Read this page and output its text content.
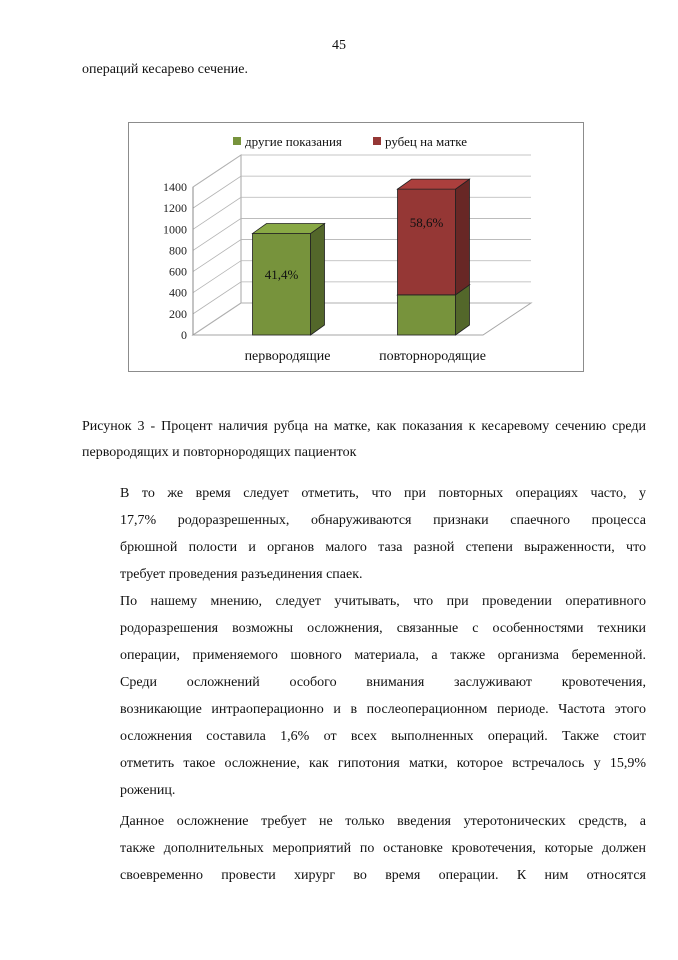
45
операций кесарево сечение.
0
200
400
600
800
1000
1200
1400
41,4%
первородящие
58,6%
повторнородящие
другие показания	рубец на матке
Рисунок 3 - Процент наличия рубца на матке, как показания к кесаревому сечению среди первородящих и повторнородящих пациенток
В то же время следует отметить, что при повторных операциях часто, у
17,7% родоразрешенных, обнаруживаются признаки спаечного процесса
брюшной полости и органов малого таза разной степени выраженности, что
требует проведения разъединения спаек.
По нашему мнению, следует учитывать, что при проведении оперативного
родоразрешения возможны осложнения, связанные с особенностями техники
операции, применяемого шовного материала, а также организма беременной.
Среди осложнений особого внимания заслуживают кровотечения,
возникающие интраоперационно и в послеоперационном периоде. Частота этого
осложнения составила 1,6% от всех выполненных операций. Также стоит
отметить такое осложнение, как гипотония матки, которое встречалось у 15,9%
рожениц.
Данное осложнение требует не только введения утеротонических средств, а
также дополнительных мероприятий по остановке кровотечения, которые должен
своевременно провести хирург во время операции. К ним относятся
